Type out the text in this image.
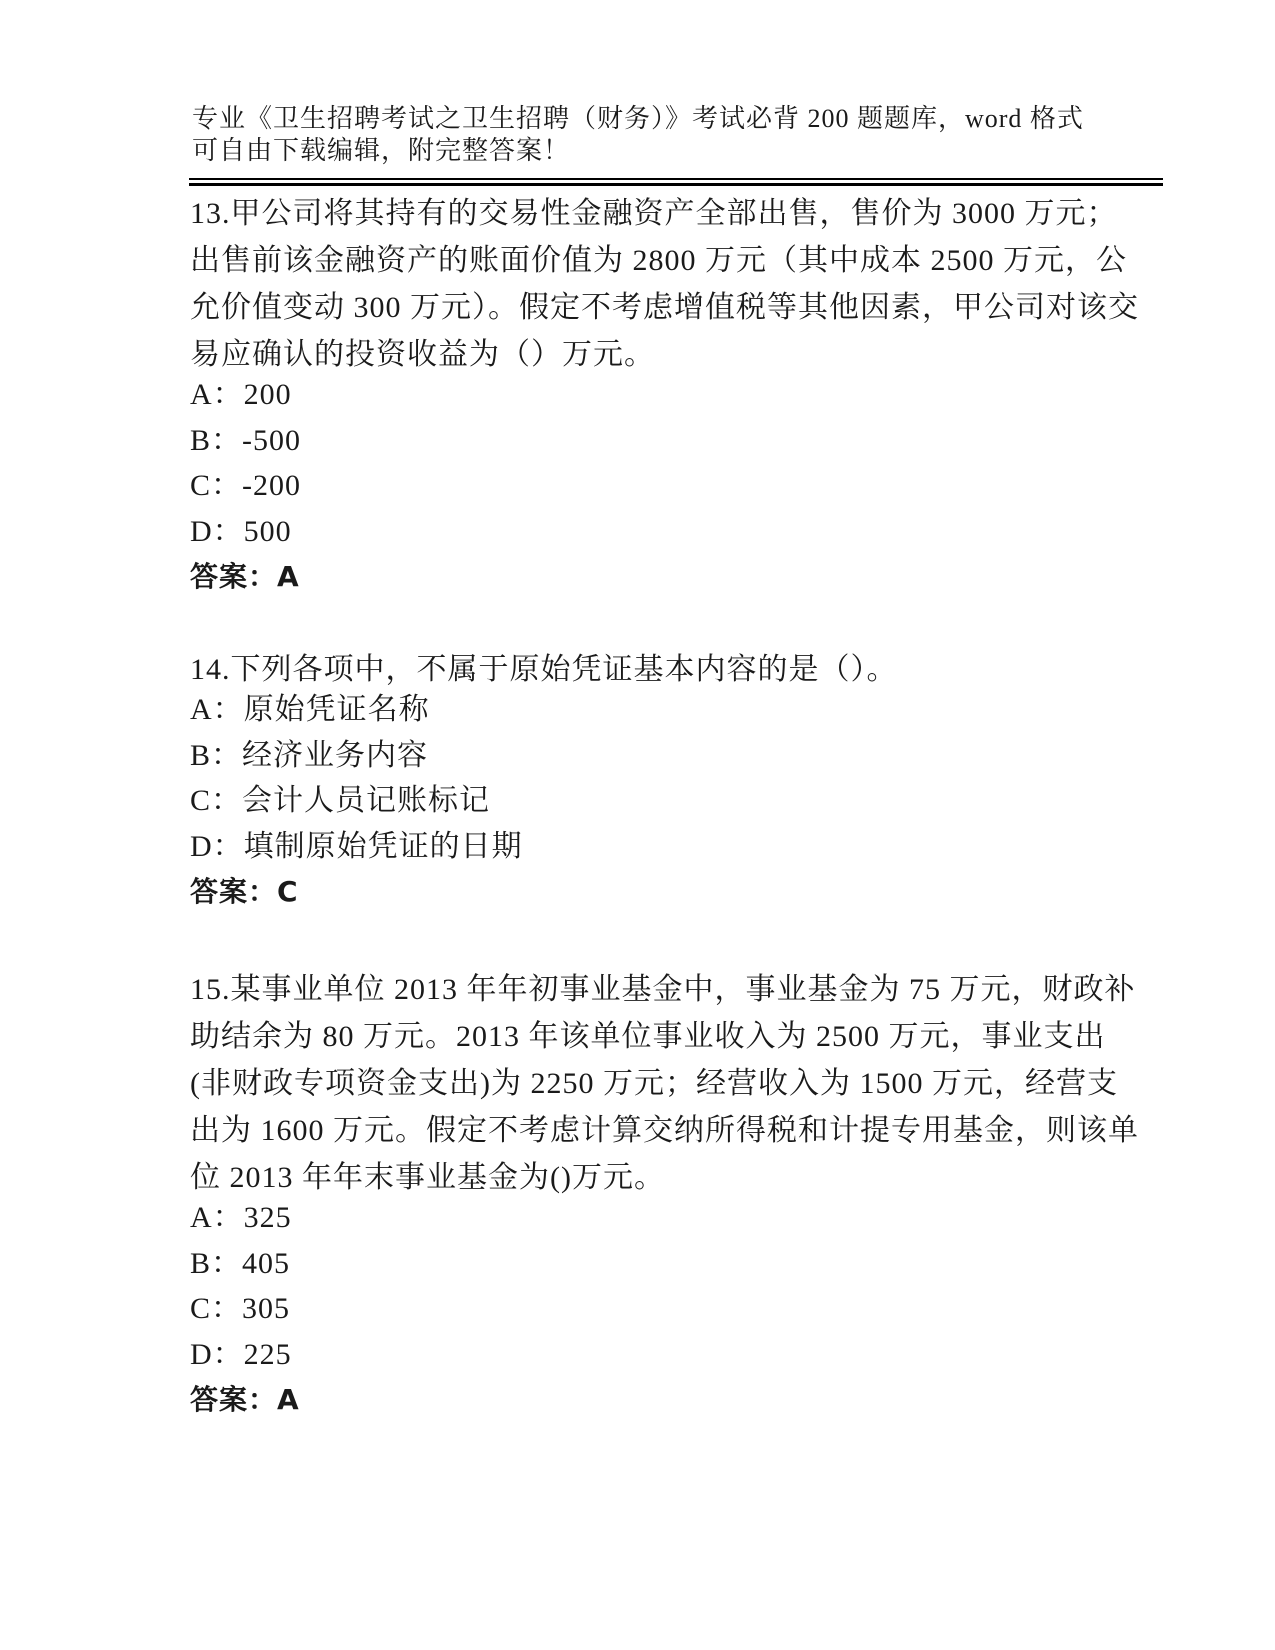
专业《卫生招聘考试之卫生招聘（财务）》考试必背 200 题题库，word 格式可自由下载编辑，附完整答案！

13.甲公司将其持有的交易性金融资产全部出售，售价为 3000 万元；出售前该金融资产的账面价值为 2800 万元（其中成本 2500 万元，公允价值变动 300 万元）。假定不考虑增值税等其他因素，甲公司对该交易应确认的投资收益为（）万元。

A：200
B：-500
C：-200
D：500

答案：A

14.下列各项中，不属于原始凭证基本内容的是（）。

A：原始凭证名称
B：经济业务内容
C：会计人员记账标记
D：填制原始凭证的日期

答案：C

15.某事业单位 2013 年年初事业基金中，事业基金为 75 万元，财政补助结余为 80 万元。2013 年该单位事业收入为 2500 万元，事业支出(非财政专项资金支出)为 2250 万元；经营收入为 1500 万元，经营支出为 1600 万元。假定不考虑计算交纳所得税和计提专用基金，则该单位 2013 年年末事业基金为()万元。

A：325
B：405
C：305
D：225

答案：A
